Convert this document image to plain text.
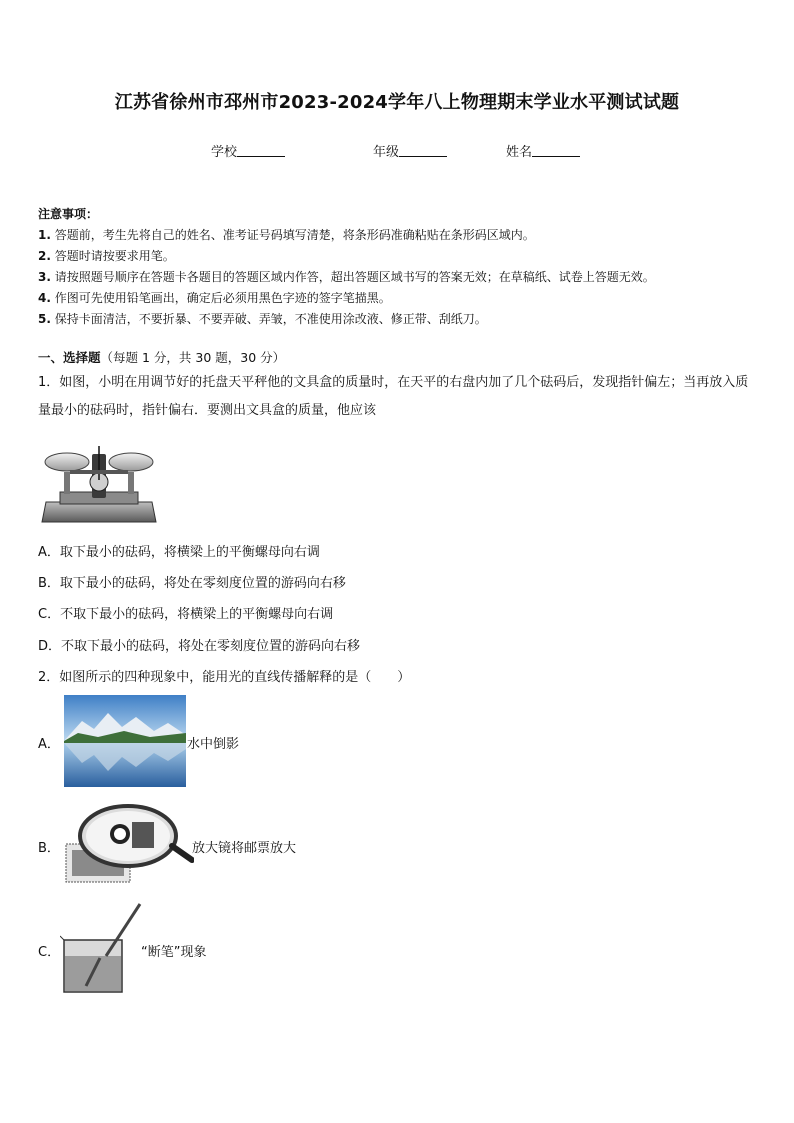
江苏省徐州市邳州市2023-2024学年八上物理期末学业水平测试试题
学校	年级	姓名
注意事项：
1. 答题前，考生先将自己的姓名、准考证号码填写清楚，将条形码准确粘贴在条形码区域内。
2. 答题时请按要求用笔。
3. 请按照题号顺序在答题卡各题目的答题区域内作答，超出答题区域书写的答案无效；在草稿纸、试卷上答题无效。
4. 作图可先使用铅笔画出，确定后必须用黑色字迹的签字笔描黑。
5. 保持卡面清洁，不要折暴、不要弄破、弄皱，不准使用涂改液、修正带、刮纸刀。
一、选择题（每题 1 分，共 30 题，30 分）
1．如图，小明在用调节好的托盘天平秤他的文具盒的质量时，在天平的右盘内加了几个砝码后，发现指针偏左；当再放入质量最小的砝码时，指针偏右．要测出文具盒的质量，他应该
A．取下最小的砝码，将横梁上的平衡螺母向右调
B．取下最小的砝码，将处在零刻度位置的游码向右移
C．不取下最小的砝码，将横梁上的平衡螺母向右调
D．不取下最小的砝码，将处在零刻度位置的游码向右移
2．如图所示的四种现象中，能用光的直线传播解释的是（　　）
A．	水中倒影
B．	放大镜将邮票放大
C．	“断笔”现象
